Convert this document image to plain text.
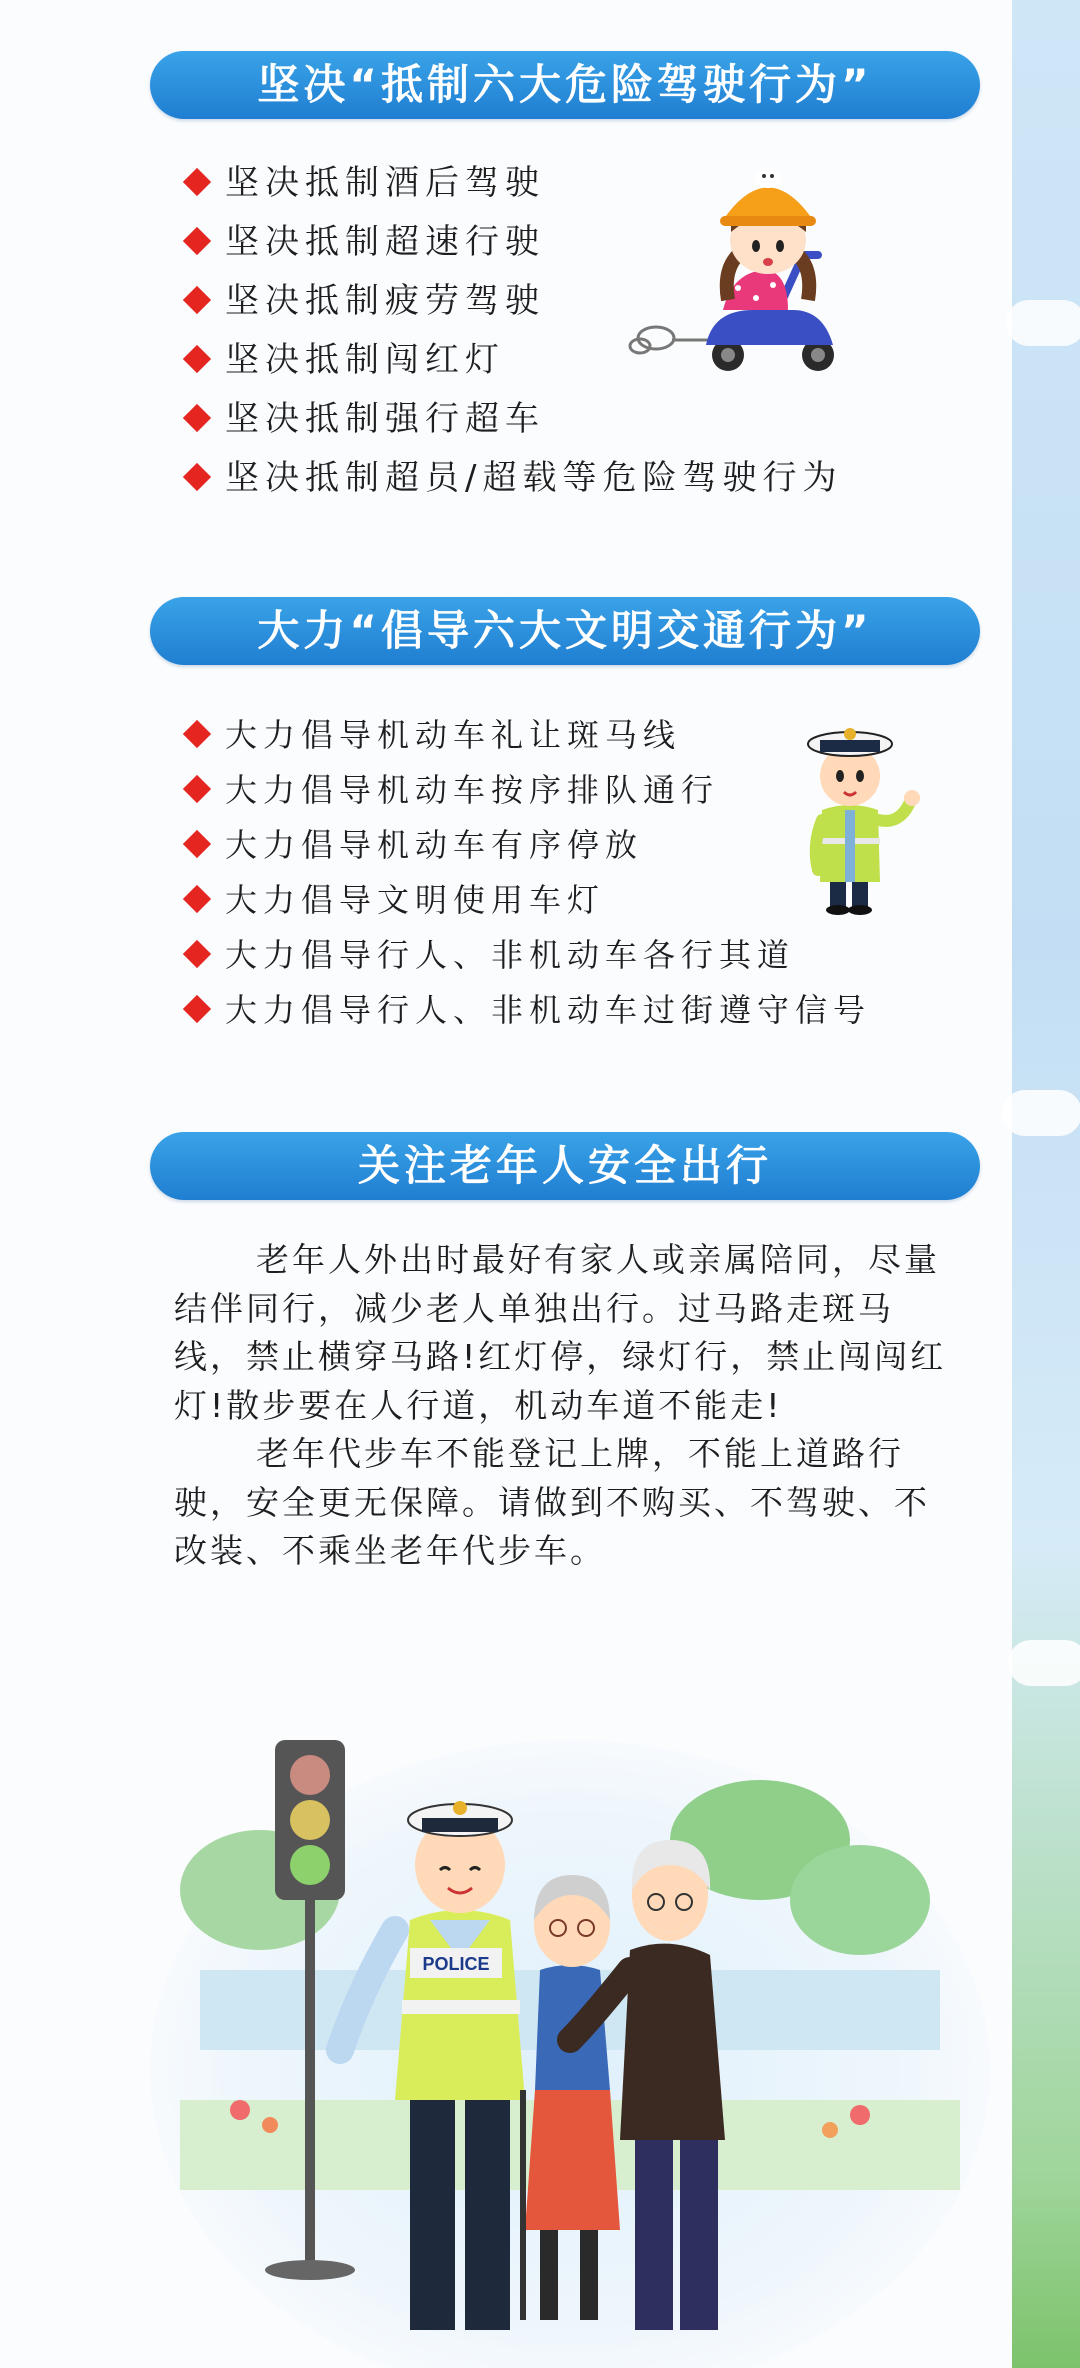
坚决“抵制六大危险驾驶行为”
坚决抵制酒后驾驶
坚决抵制超速行驶
坚决抵制疲劳驾驶
坚决抵制闯红灯
坚决抵制强行超车
坚决抵制超员/超载等危险驾驶行为
大力“倡导六大文明交通行为”
大力倡导机动车礼让斑马线
大力倡导机动车按序排队通行
大力倡导机动车有序停放
大力倡导文明使用车灯
大力倡导行人、非机动车各行其道
大力倡导行人、非机动车过街遵守信号
关注老年人安全出行

老年人外出时最好有家人或亲属陪同，尽量结伴同行，减少老人单独出行。过马路走斑马线，禁止横穿马路!红灯停，绿灯行，禁止闯闯红灯!散步要在人行道，机动车道不能走!

老年代步车不能登记上牌，不能上道路行驶，安全更无保障。请做到不购买、不驾驶、不改装、不乘坐老年代步车。

POLICE
